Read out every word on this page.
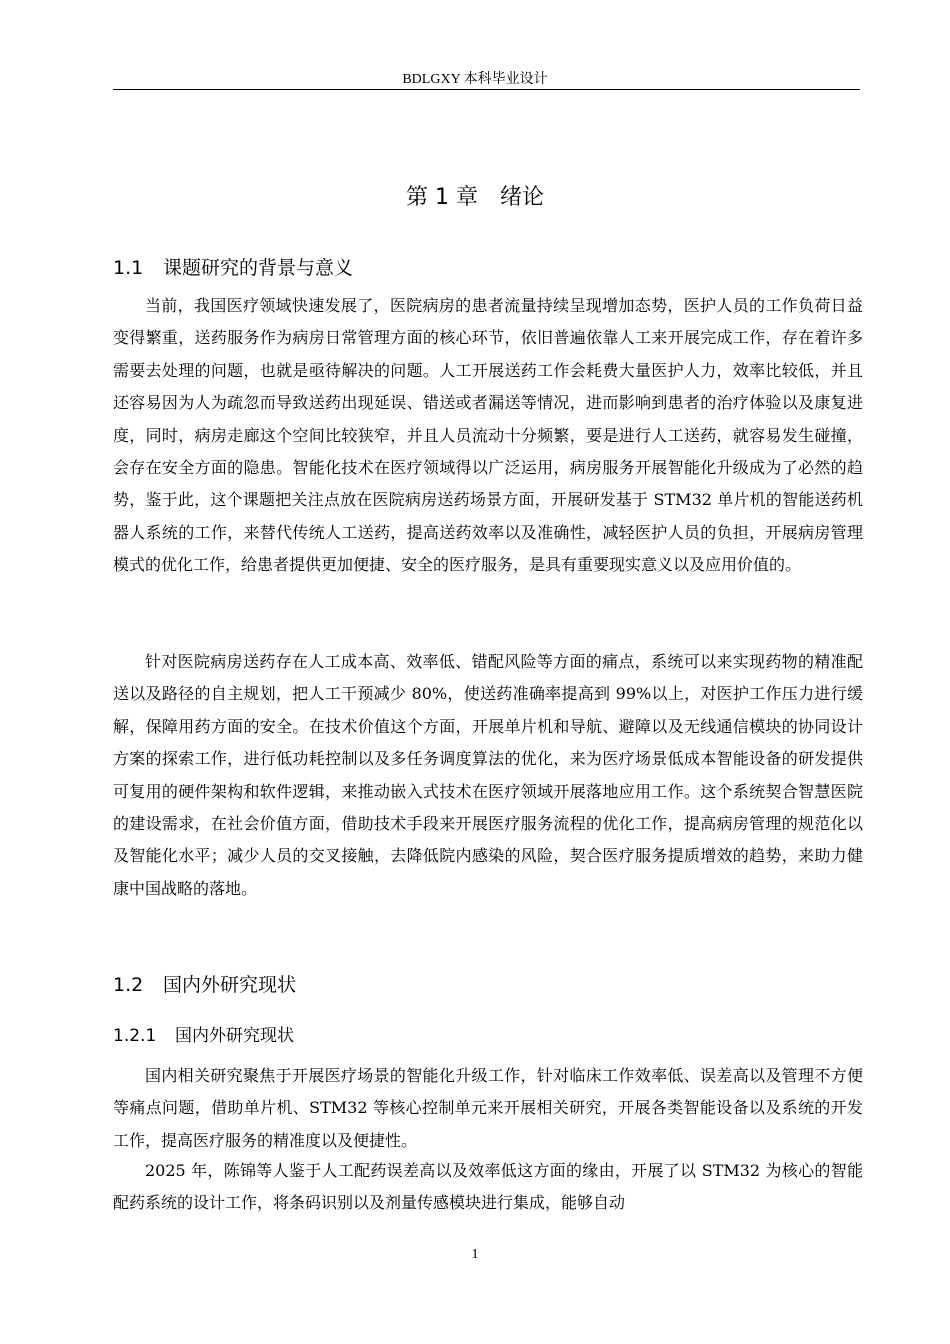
BDLGXY 本科毕业设计
第 1 章　绪论
1.1 课题研究的背景与意义

当前，我国医疗领域快速发展了，医院病房的患者流量持续呈现增加态势，医护人员的工作负荷日益变得繁重，送药服务作为病房日常管理方面的核心环节，依旧普遍依靠人工来开展完成工作，存在着许多需要去处理的问题，也就是亟待解决的问题。人工开展送药工作会耗费大量医护人力，效率比较低，并且还容易因为人为疏忽而导致送药出现延误、错送或者漏送等情况，进而影响到患者的治疗体验以及康复进度，同时，病房走廊这个空间比较狭窄，并且人员流动十分频繁，要是进行人工送药，就容易发生碰撞，会存在安全方面的隐患。智能化技术在医疗领域得以广泛运用，病房服务开展智能化升级成为了必然的趋势，鉴于此，这个课题把关注点放在医院病房送药场景方面，开展研发基于 STM32 单片机的智能送药机器人系统的工作，来替代传统人工送药，提高送药效率以及准确性，减轻医护人员的负担，开展病房管理模式的优化工作，给患者提供更加便捷、安全的医疗服务，是具有重要现实意义以及应用价值的。

针对医院病房送药存在人工成本高、效率低、错配风险等方面的痛点，系统可以来实现药物的精准配送以及路径的自主规划，把人工干预减少 80%，使送药准确率提高到 99%以上，对医护工作压力进行缓解，保障用药方面的安全。在技术价值这个方面，开展单片机和导航、避障以及无线通信模块的协同设计方案的探索工作，进行低功耗控制以及多任务调度算法的优化，来为医疗场景低成本智能设备的研发提供可复用的硬件架构和软件逻辑，来推动嵌入式技术在医疗领域开展落地应用工作。这个系统契合智慧医院的建设需求，在社会价值方面，借助技术手段来开展医疗服务流程的优化工作，提高病房管理的规范化以及智能化水平；减少人员的交叉接触，去降低院内感染的风险，契合医疗服务提质增效的趋势，来助力健康中国战略的落地。

1.2 国内外研究现状
1.2.1 国内外研究现状

国内相关研究聚焦于开展医疗场景的智能化升级工作，针对临床工作效率低、误差高以及管理不方便等痛点问题，借助单片机、STM32 等核心控制单元来开展相关研究，开展各类智能设备以及系统的开发工作，提高医疗服务的精准度以及便捷性。

2025 年，陈锦等人鉴于人工配药误差高以及效率低这方面的缘由，开展了以 STM32 为核心的智能配药系统的设计工作，将条码识别以及剂量传感模块进行集成，能够自动

1
